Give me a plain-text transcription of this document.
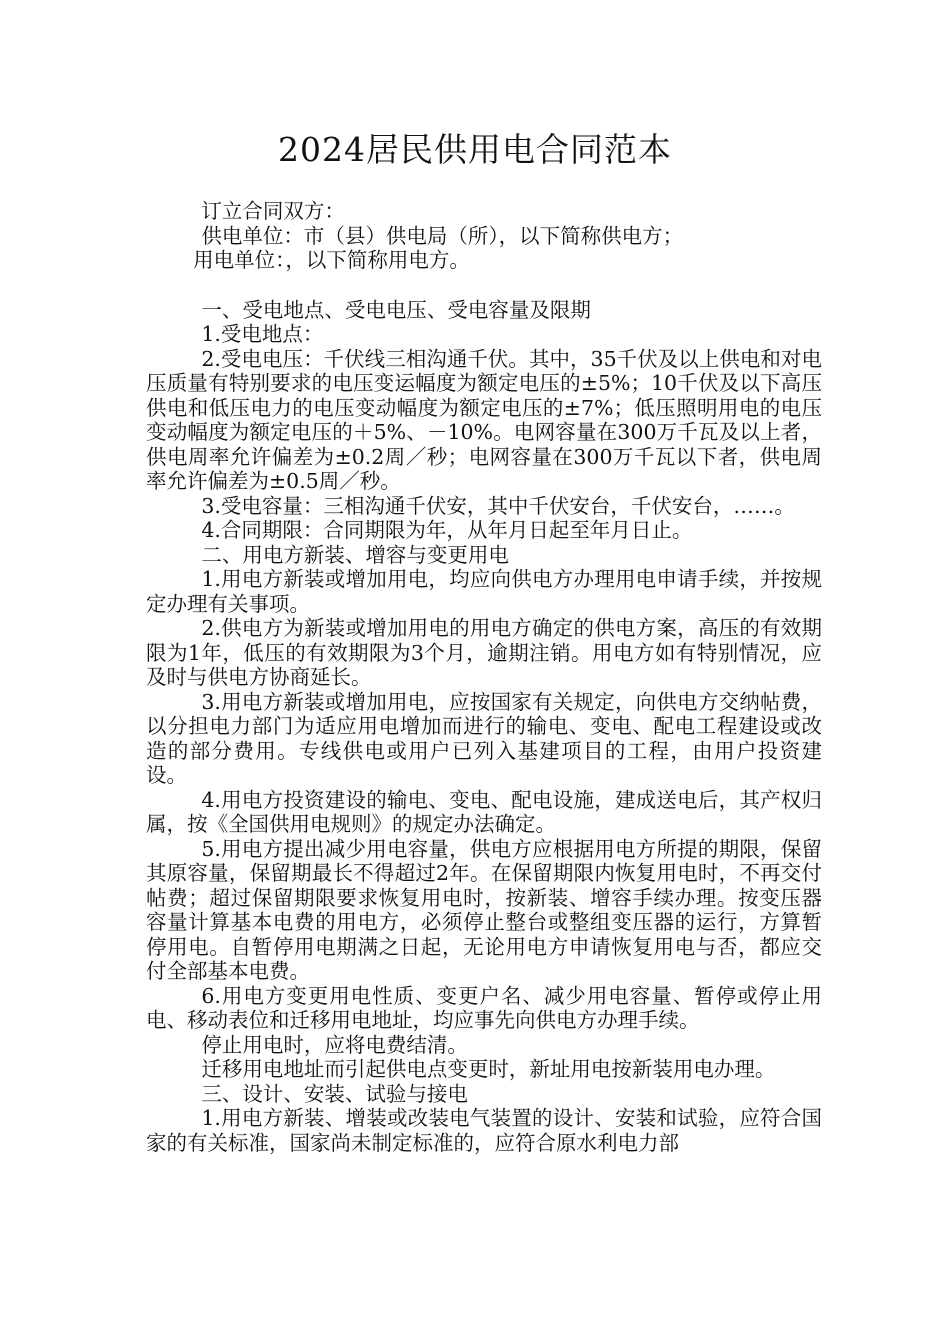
2024居民供用电合同范本

订立合同双方：

供电单位：市（县）供电局（所），以下简称供电方；

用电单位：，以下简称用电方。

一、受电地点、受电电压、受电容量及限期

1.受电地点：

2.受电电压：千伏线三相沟通千伏。其中，35千伏及以上供电和对电压质量有特别要求的电压变运幅度为额定电压的±5%；10千伏及以下高压供电和低压电力的电压变动幅度为额定电压的±7%；低压照明用电的电压变动幅度为额定电压的＋5%、－10%。电网容量在300万千瓦及以上者，供电周率允许偏差为±0.2周／秒；电网容量在300万千瓦以下者，供电周率允许偏差为±0.5周／秒。

3.受电容量：三相沟通千伏安，其中千伏安台，千伏安台，……。

4.合同期限：合同期限为年，从年月日起至年月日止。

二、用电方新装、增容与变更用电

1.用电方新装或增加用电，均应向供电方办理用电申请手续，并按规定办理有关事项。

2.供电方为新装或增加用电的用电方确定的供电方案，高压的有效期限为1年，低压的有效期限为3个月，逾期注销。用电方如有特别情况，应及时与供电方协商延长。

3.用电方新装或增加用电，应按国家有关规定，向供电方交纳帖费，以分担电力部门为适应用电增加而进行的输电、变电、配电工程建设或改造的部分费用。专线供电或用户已列入基建项目的工程，由用户投资建设。

4.用电方投资建设的输电、变电、配电设施，建成送电后，其产权归属，按《全国供用电规则》的规定办法确定。

5.用电方提出减少用电容量，供电方应根据用电方所提的期限，保留其原容量，保留期最长不得超过2年。在保留期限内恢复用电时，不再交付帖费；超过保留期限要求恢复用电时，按新装、增容手续办理。按变压器容量计算基本电费的用电方，必须停止整台或整组变压器的运行，方算暂停用电。自暂停用电期满之日起，无论用电方申请恢复用电与否，都应交付全部基本电费。

6.用电方变更用电性质、变更户名、减少用电容量、暂停或停止用电、移动表位和迁移用电地址，均应事先向供电方办理手续。

停止用电时，应将电费结清。

迁移用电地址而引起供电点变更时，新址用电按新装用电办理。

三、设计、安装、试验与接电

1.用电方新装、增装或改装电气装置的设计、安装和试验，应符合国家的有关标准，国家尚未制定标准的，应符合原水利电力部
